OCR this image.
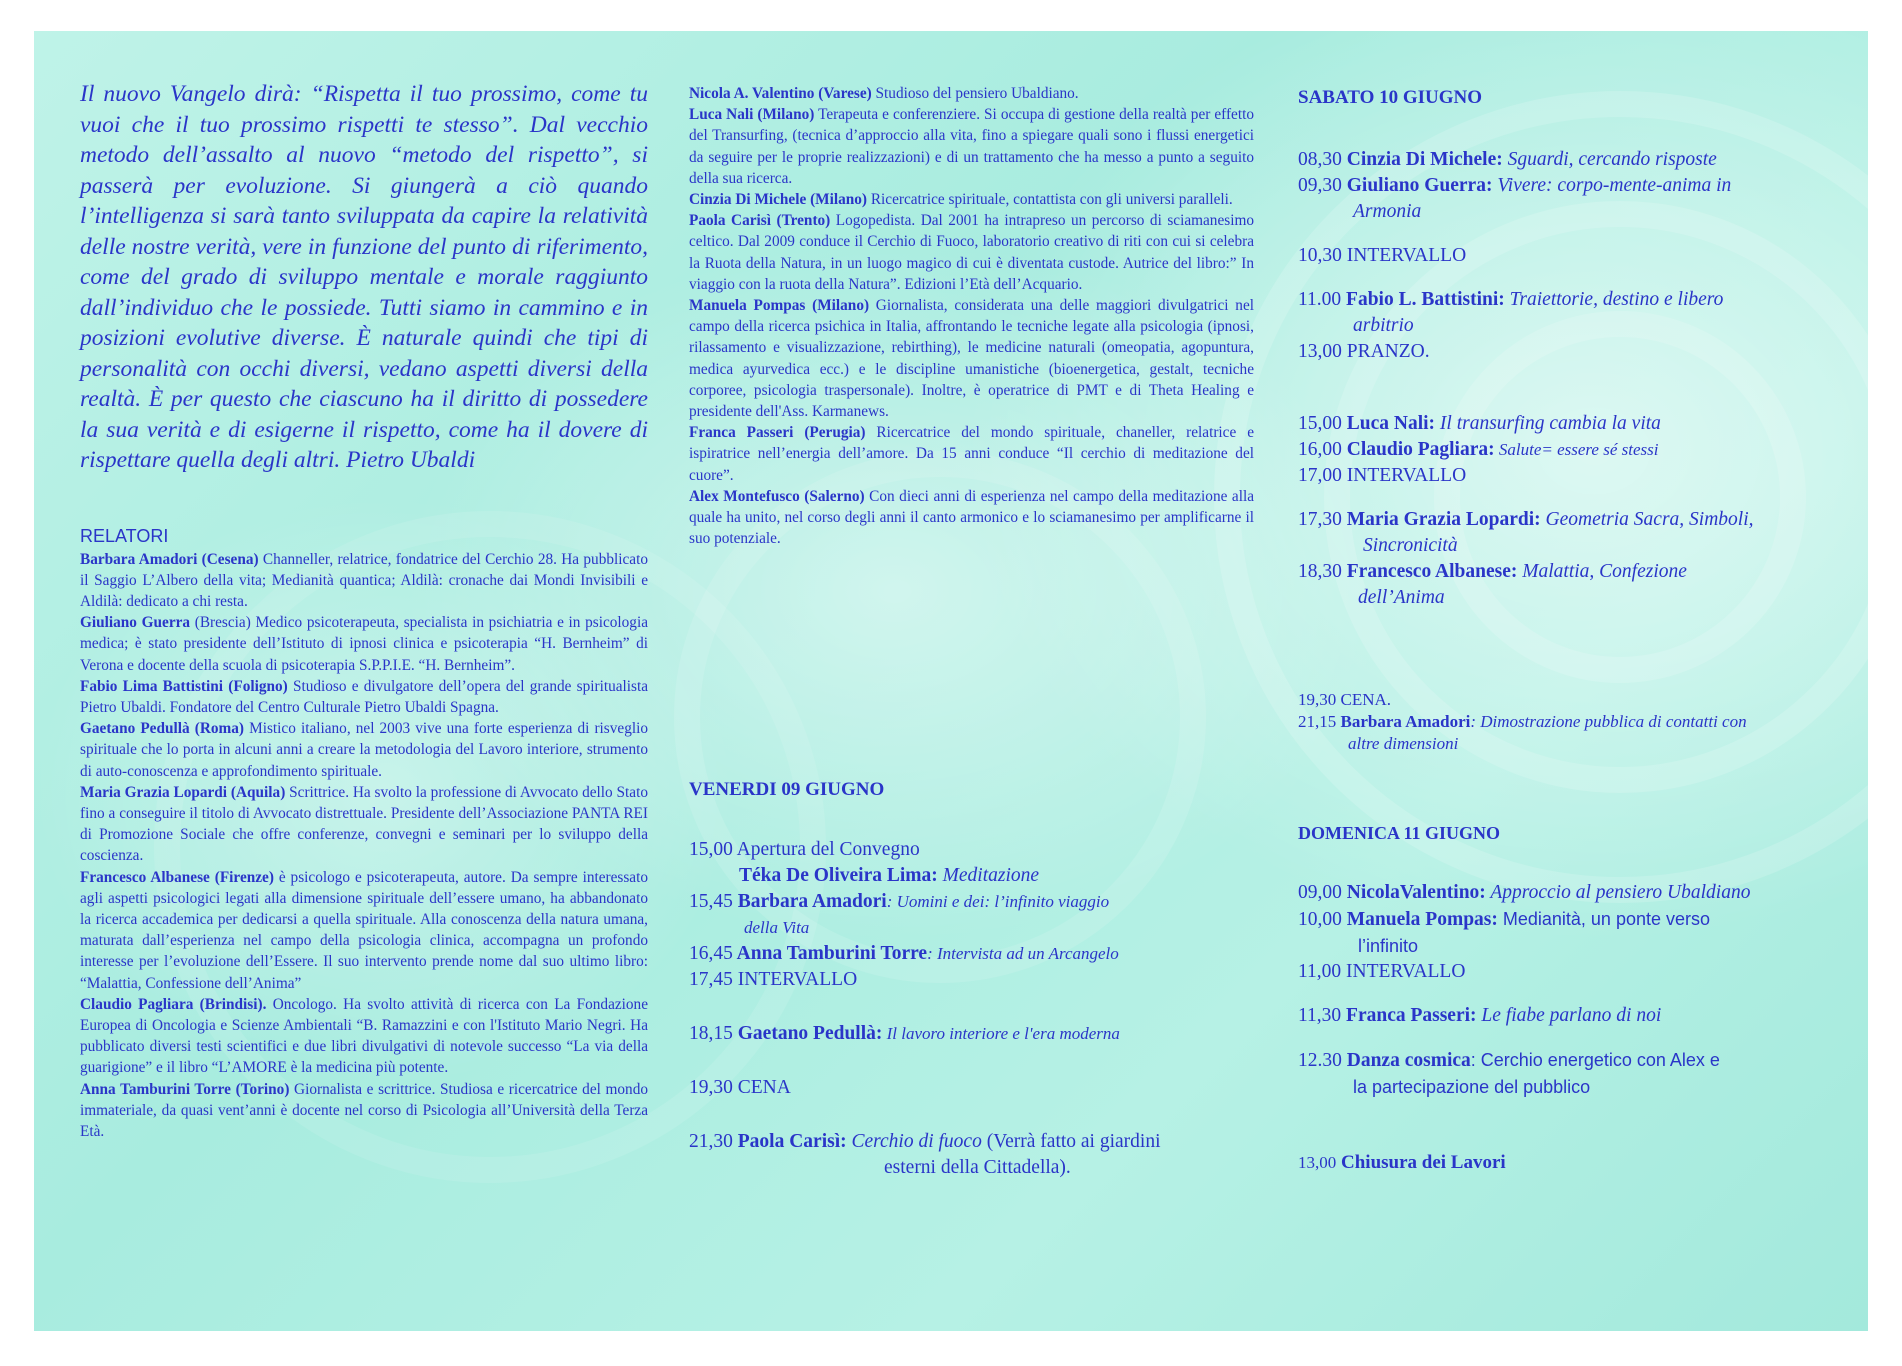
Il nuovo Vangelo dirà: “Rispetta il tuo prossimo, come tu vuoi che il tuo prossimo rispetti te stesso”. Dal vecchio metodo dell’assalto al nuovo “metodo del rispetto”, si passerà per evoluzione. Si giungerà a ciò quando l’intelligenza si sarà tanto sviluppata da capire la relatività delle nostre verità, vere in funzione del punto di riferimento, come del grado di sviluppo mentale e morale raggiunto dall’individuo che le possiede. Tutti siamo in cammino e in posizioni evolutive diverse. È naturale quindi che tipi di personalità con occhi diversi, vedano aspetti diversi della realtà. È per questo che ciascuno ha il diritto di possedere la sua verità e di esigerne il rispetto, come ha il dovere di rispettare quella degli altri. Pietro Ubaldi

RELATORI

Barbara Amadori (Cesena) Channeller, relatrice, fondatrice del Cerchio 28. Ha pubblicato il Saggio L’Albero della vita; Medianità quantica; Aldilà: cronache dai Mondi Invisibili e Aldilà: dedicato a chi resta.
Giuliano Guerra (Brescia) Medico psicoterapeuta, specialista in psichiatria e in psicologia medica; è stato presidente dell’Istituto di ipnosi clinica e psicoterapia “H. Bernheim” di Verona e docente della scuola di psicoterapia S.P.P.I.E. “H. Bernheim”.
Fabio Lima Battistini (Foligno) Studioso e divulgatore dell’opera del grande spiritualista Pietro Ubaldi. Fondatore del Centro Culturale Pietro Ubaldi Spagna.
Gaetano Pedullà (Roma) Mistico italiano, nel 2003 vive una forte esperienza di risveglio spirituale che lo porta in alcuni anni a creare la metodologia del Lavoro interiore, strumento di auto-conoscenza e approfondimento spirituale.
Maria Grazia Lopardi (Aquila) Scrittrice. Ha svolto la professione di Avvocato dello Stato fino a conseguire il titolo di Avvocato distrettuale. Presidente dell’Associazione PANTA REI di Promozione Sociale che offre conferenze, convegni e seminari per lo sviluppo della coscienza.
Francesco Albanese (Firenze) è psicologo e psicoterapeuta, autore. Da sempre interessato agli aspetti psicologici legati alla dimensione spirituale dell’essere umano, ha abbandonato la ricerca accademica per dedicarsi a quella spirituale. Alla conoscenza della natura umana, maturata dall’esperienza nel campo della psicologia clinica, accompagna un profondo interesse per l’evoluzione dell’Essere. Il suo intervento prende nome dal suo ultimo libro: “Malattia, Confessione dell’Anima”
Claudio Pagliara (Brindisi). Oncologo. Ha svolto attività di ricerca con La Fondazione Europea di Oncologia e Scienze Ambientali “B. Ramazzini e con l'Istituto Mario Negri. Ha pubblicato diversi testi scientifici e due libri divulgativi di notevole successo “La via della guarigione” e il libro “L’AMORE è la medicina più potente.
Anna Tamburini Torre (Torino) Giornalista e scrittrice. Studiosa e ricercatrice del mondo immateriale, da quasi vent’anni è docente nel corso di Psicologia all’Università della Terza Età.

Nicola A. Valentino (Varese) Studioso del pensiero Ubaldiano.
Luca Nali (Milano) Terapeuta e conferenziere. Si occupa di gestione della realtà per effetto del Transurfing, (tecnica d’approccio alla vita, fino a spiegare quali sono i flussi energetici da seguire per le proprie realizzazioni) e di un trattamento che ha messo a punto a seguito della sua ricerca.
Cinzia Di Michele (Milano) Ricercatrice spirituale, contattista con gli universi paralleli.
Paola Carisì (Trento) Logopedista. Dal 2001 ha intrapreso un percorso di sciamanesimo celtico. Dal 2009 conduce il Cerchio di Fuoco, laboratorio creativo di riti con cui si celebra la Ruota della Natura, in un luogo magico di cui è diventata custode. Autrice del libro:” In viaggio con la ruota della Natura”. Edizioni l’Età dell’Acquario.
Manuela Pompas (Milano) Giornalista, considerata una delle maggiori divulgatrici nel campo della ricerca psichica in Italia, affrontando le tecniche legate alla psicologia (ipnosi, rilassamento e visualizzazione, rebirthing), le medicine naturali (omeopatia, agopuntura, medica ayurvedica ecc.) e le discipline umanistiche (bioenergetica, gestalt, tecniche corporee, psicologia traspersonale). Inoltre, è operatrice di PMT e di Theta Healing e presidente dell'Ass. Karmanews.
Franca Passeri (Perugia) Ricercatrice del mondo spirituale, chaneller, relatrice e ispiratrice nell’energia dell’amore. Da 15 anni conduce “Il cerchio di meditazione del cuore”.
Alex Montefusco (Salerno) Con dieci anni di esperienza nel campo della meditazione alla quale ha unito, nel corso degli anni il canto armonico e lo sciamanesimo per amplificarne il suo potenziale.

VENERDI 09 GIUGNO
15,00 Apertura del Convegno
Téka De Oliveira Lima: Meditazione
15,45 Barbara Amadori: Uomini e dei: l’infinito viaggio
della Vita
16,45 Anna Tamburini Torre: Intervista ad un Arcangelo
17,45 INTERVALLO
18,15 Gaetano Pedullà: Il lavoro interiore e l'era moderna
19,30 CENA
21,30 Paola Carisì: Cerchio di fuoco (Verrà fatto ai giardini
esterni della Cittadella).
SABATO 10 GIUGNO
08,30 Cinzia Di Michele: Sguardi, cercando risposte
09,30 Giuliano Guerra: Vivere: corpo-mente-anima in
Armonia
10,30 INTERVALLO
11.00 Fabio L. Battistini: Traiettorie, destino e libero
arbitrio
13,00 PRANZO.
15,00 Luca Nali: Il transurfing cambia la vita
16,00 Claudio Pagliara: Salute= essere sé stessi
17,00 INTERVALLO
17,30 Maria Grazia Lopardi: Geometria Sacra, Simboli,
Sincronicità
18,30 Francesco Albanese: Malattia, Confezione
dell’Anima
19,30 CENA.
21,15 Barbara Amadori: Dimostrazione pubblica di contatti con
altre dimensioni
DOMENICA 11 GIUGNO
09,00 NicolaValentino: Approccio al pensiero Ubaldiano
10,00 Manuela Pompas: Medianità, un ponte verso
l’infinito
11,00 INTERVALLO
11,30 Franca Passeri: Le fiabe parlano di noi
12.30 Danza cosmica: Cerchio energetico con Alex e
la partecipazione del pubblico
13,00 Chiusura dei Lavori
